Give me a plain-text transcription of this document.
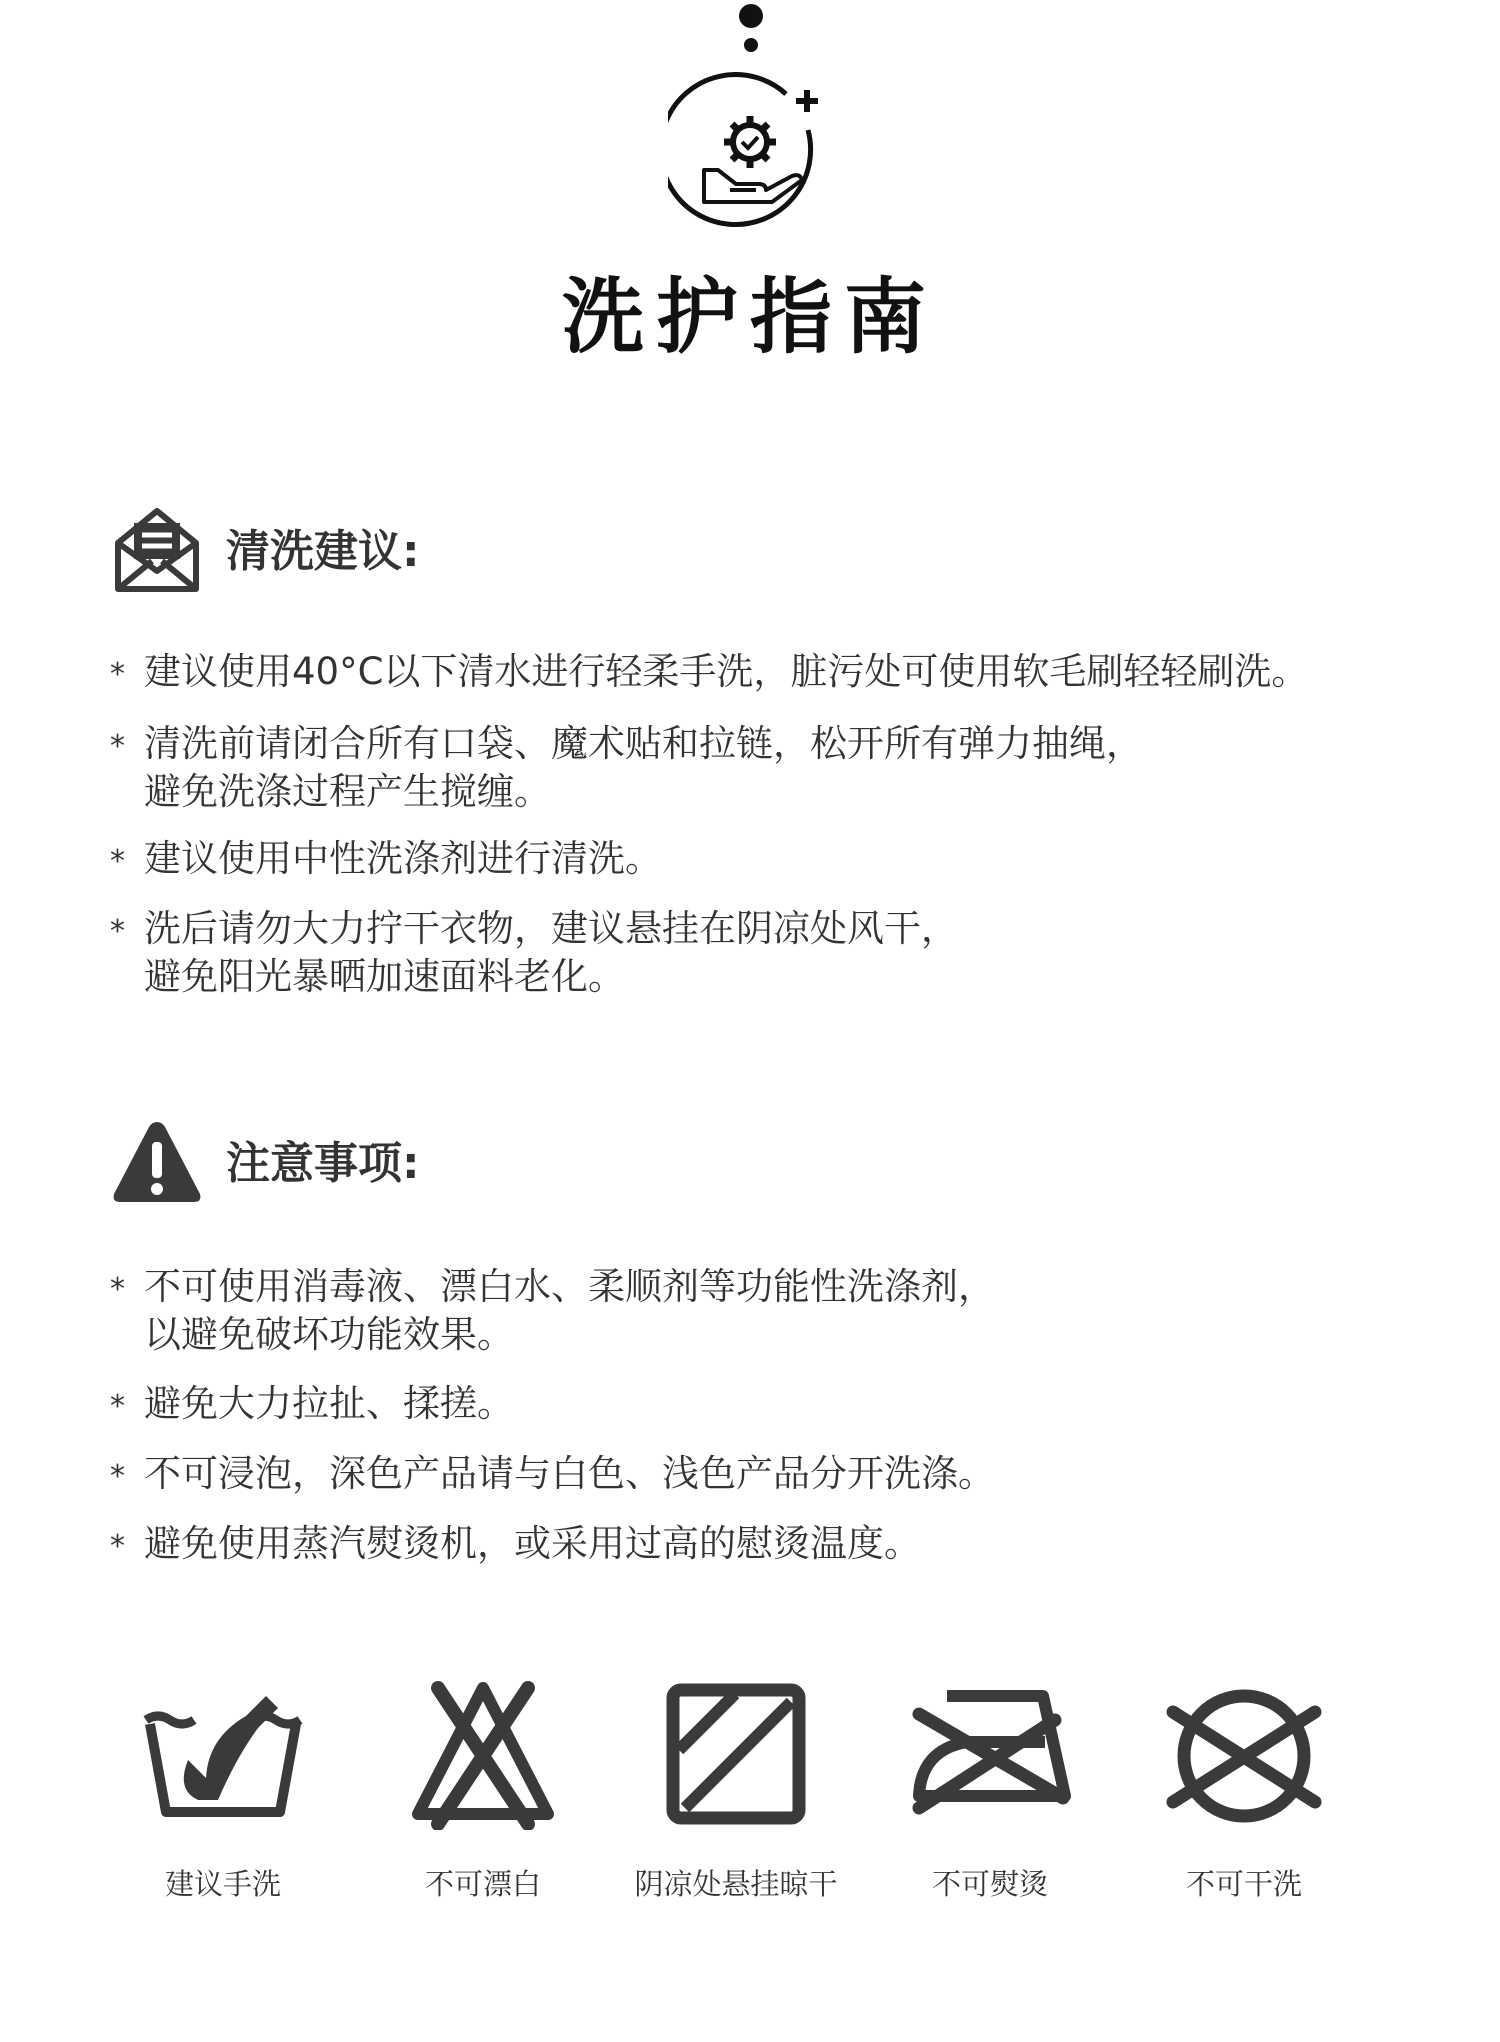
洗护指南
清洗建议:
* 建议使用40°C以下清水进行轻柔手洗，脏污处可使用软毛刷轻轻刷洗。
* 清洗前请闭合所有口袋、魔术贴和拉链，松开所有弹力抽绳，
避免洗涤过程产生搅缠。
* 建议使用中性洗涤剂进行清洗。
* 洗后请勿大力拧干衣物，建议悬挂在阴凉处风干，
避免阳光暴晒加速面料老化。
注意事项:
* 不可使用消毒液、漂白水、柔顺剂等功能性洗涤剂，
以避免破坏功能效果。
* 避免大力拉扯、揉搓。
* 不可浸泡，深色产品请与白色、浅色产品分开洗涤。
* 避免使用蒸汽熨烫机，或采用过高的慰烫温度。
建议手洗	不可漂白	阴凉处悬挂晾干	不可熨烫	不可干洗
